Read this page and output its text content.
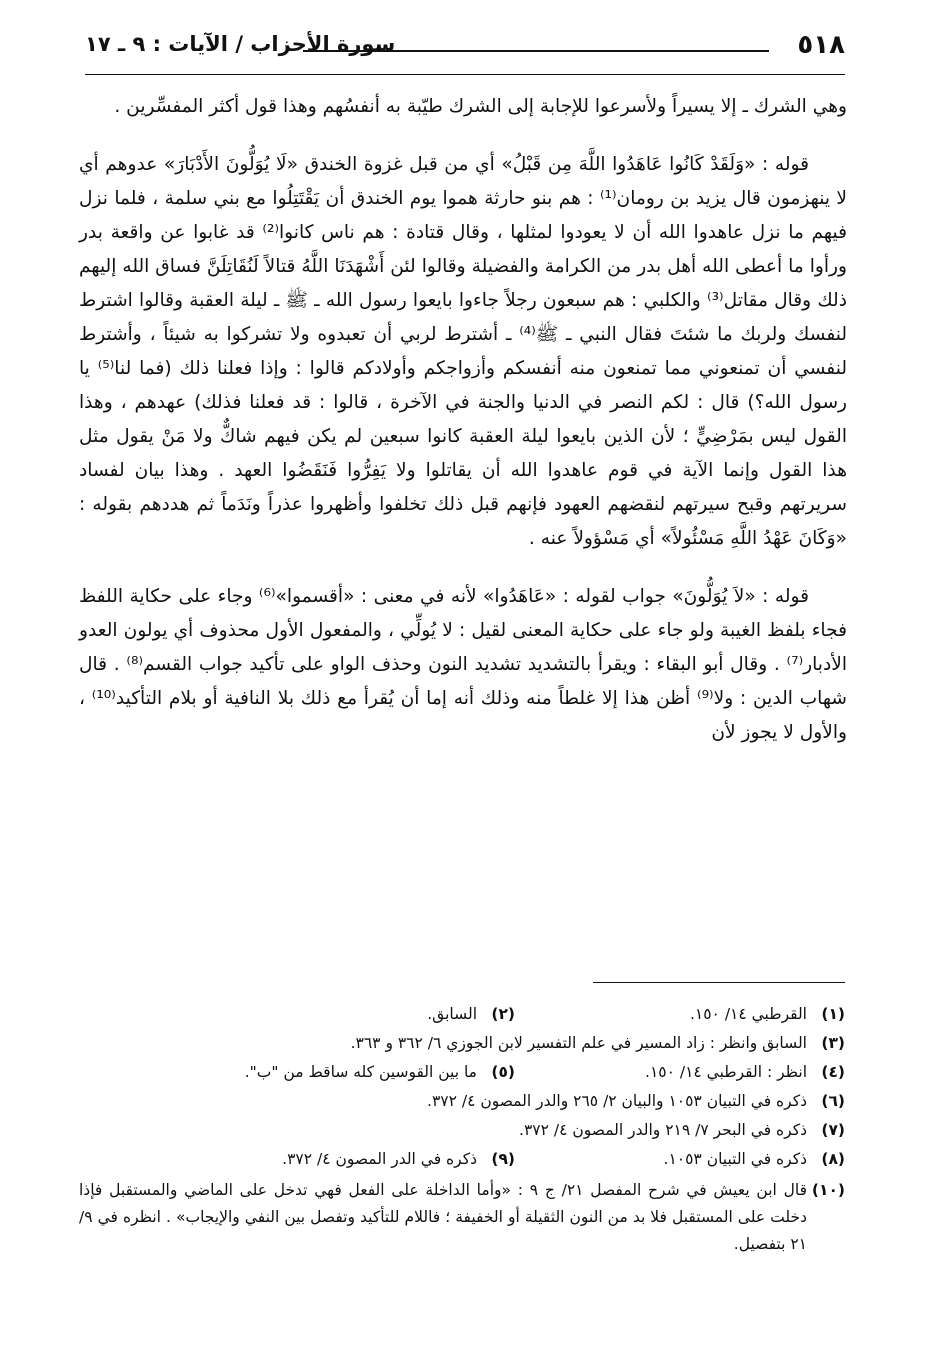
٥١٨
سورة الأحزاب / الآيات : ٩ ـ ١٧

وهي الشرك ـ إلا يسيراً ولأسرعوا للإجابة إلى الشرك طيّبة به أنفسُهم وهذا قول أكثر المفسِّرين .

قوله : «وَلَقَدْ كَانُوا عَاهَدُوا اللَّهَ مِن قَبْلُ» أي من قبل غزوة الخندق «لَا يُوَلُّونَ الأَدْبَارَ» عدوهم أي لا ينهزمون قال يزيد بن رومان⁽¹⁾ : هم بنو حارثة هموا يوم الخندق أن يَقْتَتِلُوا مع بني سلمة ، فلما نزل فيهم ما نزل عاهدوا الله أن لا يعودوا لمثلها ، وقال قتادة : هم ناس كانوا⁽²⁾ قد غابوا عن واقعة بدر ورأوا ما أعطى الله أهل بدر من الكرامة والفضيلة وقالوا لئن أَشْهَدَنَا اللَّهُ قتالاً لَنُقَاتِلَنَّ فساق الله إليهم ذلك وقال مقاتل⁽³⁾ والكلبي : هم سبعون رجلاً جاءوا بايعوا رسول الله ـ ﷺ ـ ليلة العقبة وقالوا اشترط لنفسك ولربك ما شئتَ فقال النبي ـ ﷺ⁽⁴⁾ ـ أشترط لربي أن تعبدوه ولا تشركوا به شيئاً ، وأشترط لنفسي أن تمنعوني مما تمنعون منه أنفسكم وأزواجكم وأولادكم قالوا : وإذا فعلنا ذلك (فما لنا⁽⁵⁾ يا رسول الله؟) قال : لكم النصر في الدنيا والجنة في الآخرة ، قالوا : قد فعلنا فذلك) عهدهم ، وهذا القول ليس بمَرْضِيٍّ ؛ لأن الذين بايعوا ليلة العقبة كانوا سبعين لم يكن فيهم شاكٌّ ولا مَنْ يقول مثل هذا القول وإنما الآية في قوم عاهدوا الله أن يقاتلوا ولا يَفِرُّوا فَنَقَضُوا العهد . وهذا بيان لفساد سريرتهم وقبح سيرتهم لنقضهم العهود فإنهم قبل ذلك تخلفوا وأظهروا عذراً ونَدَماً ثم هددهم بقوله : «وَكَانَ عَهْدُ اللَّهِ مَسْئُولاً» أي مَسْؤولاً عنه .

قوله : «لاَ يُوَلُّونَ» جواب لقوله : «عَاهَدُوا» لأنه في معنى : «أقسموا»⁽⁶⁾ وجاء على حكاية اللفظ فجاء بلفظ الغيبة ولو جاء على حكاية المعنى لقيل : لا يُولِّي ، والمفعول الأول محذوف أي يولون العدو الأدبار⁽⁷⁾ . وقال أبو البقاء : ويقرأ بالتشديد تشديد النون وحذف الواو على تأكيد جواب القسم⁽⁸⁾ . قال شهاب الدين : ولا⁽⁹⁾ أظن هذا إلا غلطاً منه وذلك أنه إما أن يُقرأ مع ذلك بلا النافية أو بلام التأكيد⁽¹⁰⁾ ، والأول لا يجوز لأن

(١)
القرطبي ١٤/ ١٥٠.
(٢)
السابق.
(٣)
السابق وانظر : زاد المسير في علم التفسير لابن الجوزي ٦/ ٣٦٢ و ٣٦٣.
(٤)
انظر : القرطبي ١٤/ ١٥٠.
(٥)
ما بين القوسين كله ساقط من "ب".
(٦)
ذكره في التبيان ١٠٥٣ والبيان ٢/ ٢٦٥ والدر المصون ٤/ ٣٧٢.
(٧)
ذكره في البحر ٧/ ٢١٩ والدر المصون ٤/ ٣٧٢.
(٨)
ذكره في التبيان ١٠٥٣.
(٩)
ذكره في الدر المصون ٤/ ٣٧٢.
(١٠)
قال ابن يعيش في شرح المفصل ٢١/ ج ٩ : «وأما الداخلة على الفعل فهي تدخل على الماضي والمستقبل فإذا دخلت على المستقبل فلا بد من النون الثقيلة أو الخفيفة ؛ فاللام للتأكيد وتفصل بين النفي والإيجاب» . انظره في ٩/ ٢١ بتفصيل.
